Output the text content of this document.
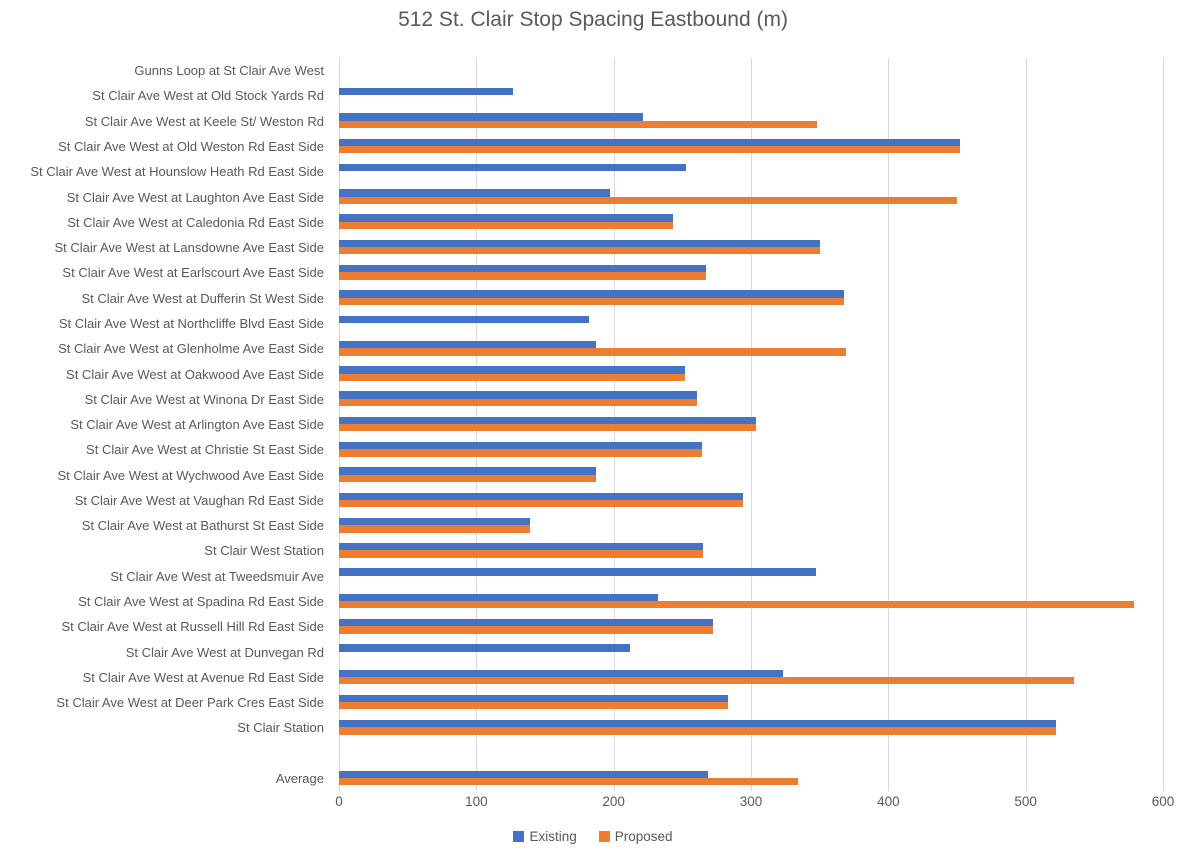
512 St. Clair Stop Spacing Eastbound (m)
Gunns Loop at St Clair Ave West
St Clair Ave West at Old Stock Yards Rd
St Clair Ave West at Keele St/ Weston Rd
St Clair Ave West at Old Weston Rd East Side
St Clair Ave West at Hounslow Heath Rd East Side
St Clair Ave West at Laughton Ave East Side
St Clair Ave West at Caledonia Rd East Side
St Clair Ave West at Lansdowne Ave East Side
St Clair Ave West at Earlscourt Ave East Side
St Clair Ave West at Dufferin St West Side
St Clair Ave West at Northcliffe Blvd East Side
St Clair Ave West at Glenholme Ave East Side
St Clair Ave West at Oakwood Ave East Side
St Clair Ave West at Winona Dr East Side
St Clair Ave West at Arlington Ave East Side
St Clair Ave West at Christie St East Side
St Clair Ave West at Wychwood Ave East Side
St Clair Ave West at Vaughan Rd East Side
St Clair Ave West at Bathurst St East Side
St Clair West Station
St Clair Ave West at Tweedsmuir Ave
St Clair Ave West at Spadina Rd East Side
St Clair Ave West at Russell Hill Rd East Side
St Clair Ave West at Dunvegan Rd
St Clair Ave West at Avenue Rd East Side
St Clair Ave West at Deer Park Cres East Side
St Clair Station
Average
0	100	200	300	400	500	600
Existing	Proposed
